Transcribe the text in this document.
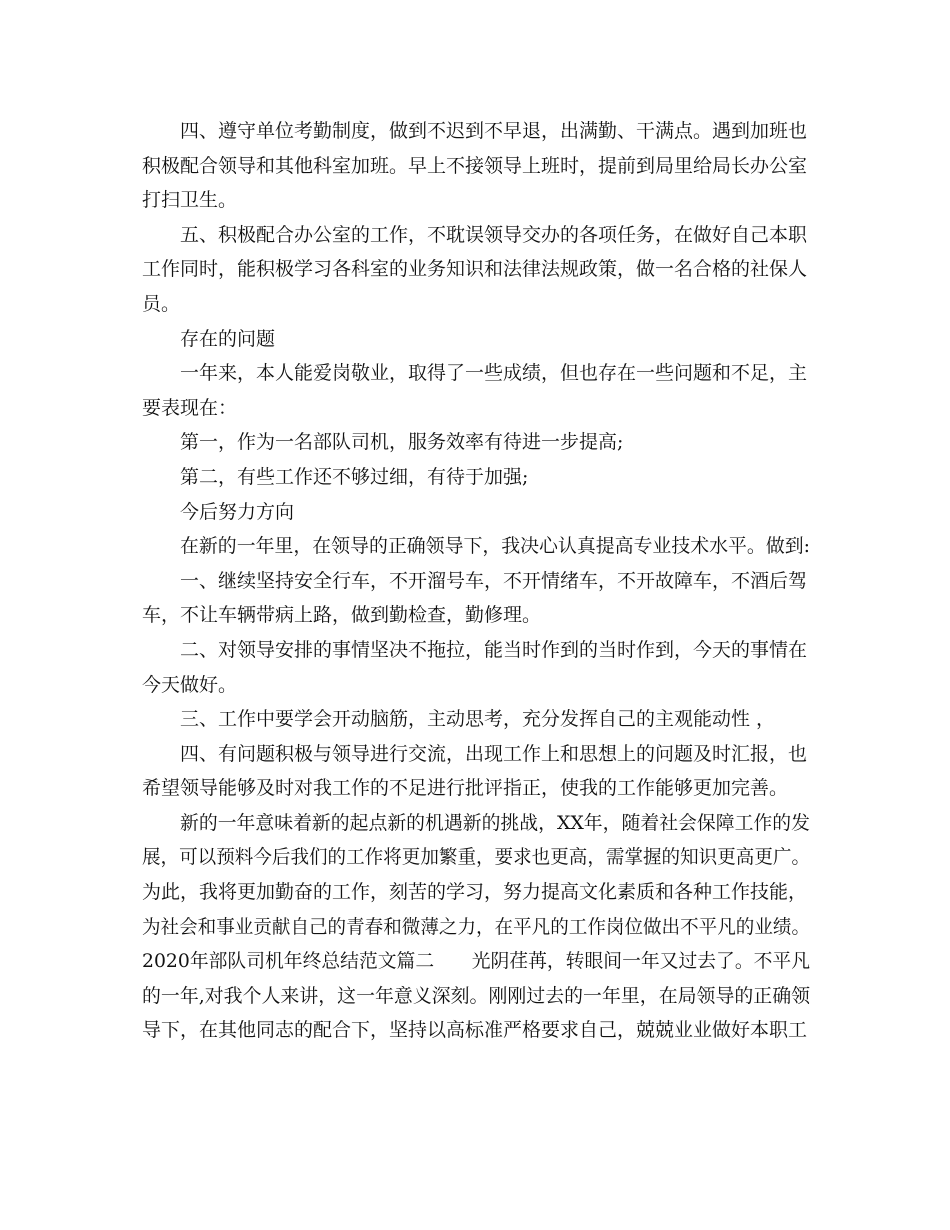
四、遵守单位考勤制度，做到不迟到不早退，出满勤、干满点。遇到加班也
积极配合领导和其他科室加班。早上不接领导上班时，提前到局里给局长办公室
打扫卫生。
五、积极配合办公室的工作，不耽误领导交办的各项任务，在做好自己本职
工作同时，能积极学习各科室的业务知识和法律法规政策，做一名合格的社保人
员。
存在的问题
一年来，本人能爱岗敬业，取得了一些成绩，但也存在一些问题和不足，主
要表现在：
第一，作为一名部队司机，服务效率有待进一步提高;
第二，有些工作还不够过细，有待于加强;
今后努力方向
在新的一年里，在领导的正确领导下，我决心认真提高专业技术水平。做到:
一、继续坚持安全行车，不开溜号车，不开情绪车，不开故障车，不酒后驾
车，不让车辆带病上路，做到勤检查，勤修理。
二、对领导安排的事情坚决不拖拉，能当时作到的当时作到，今天的事情在
今天做好。
三、工作中要学会开动脑筋，主动思考，充分发挥自己的主观能动性 ，
四、有问题积极与领导进行交流，出现工作上和思想上的问题及时汇报，也
希望领导能够及时对我工作的不足进行批评指正，使我的工作能够更加完善。
新的一年意味着新的起点新的机遇新的挑战，XX年，随着社会保障工作的发
展，可以预料今后我们的工作将更加繁重，要求也更高，需掌握的知识更高更广。
为此，我将更加勤奋的工作，刻苦的学习，努力提高文化素质和各种工作技能，
为社会和事业贡献自己的青春和微薄之力，在平凡的工作岗位做出不平凡的业绩。
2020年部队司机年终总结范文篇二　　光阴荏苒，转眼间一年又过去了。不平凡
的一年,对我个人来讲，这一年意义深刻。刚刚过去的一年里，在局领导的正确领
导下，在其他同志的配合下，坚持以高标准严格要求自己，兢兢业业做好本职工
